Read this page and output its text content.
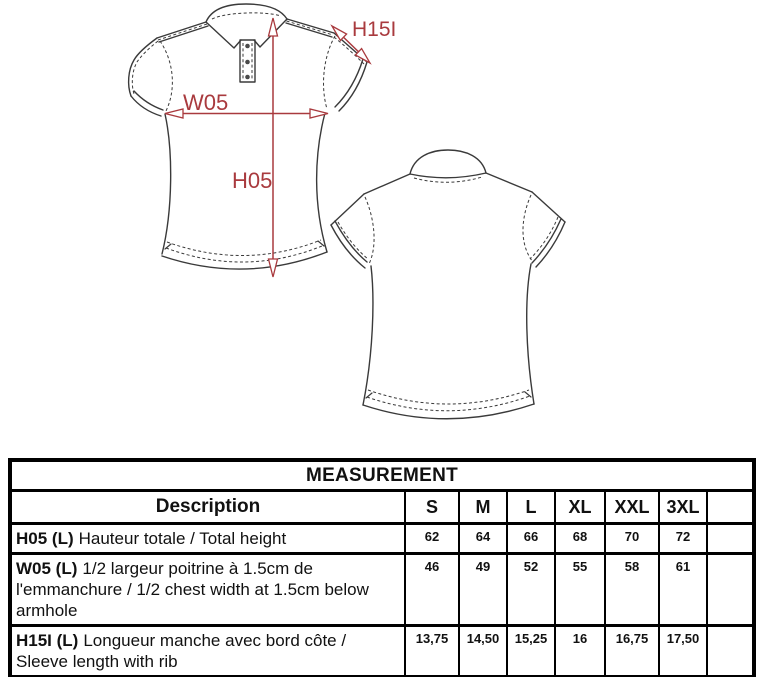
W05
H05
H15I
MEASUREMENT							
Description	S	M	L	XL	XXL	3XL	
H05 (L) Hauteur totale / Total height	62	64	66	68	70	72	
W05 (L) 1/2 largeur poitrine à 1.5cm de l'emmanchure / 1/2 chest width at 1.5cm below armhole	46	49	52	55	58	61	
H15I (L) Longueur manche avec bord côte / Sleeve length with rib	13,75	14,50	15,25	16	16,75	17,50	
